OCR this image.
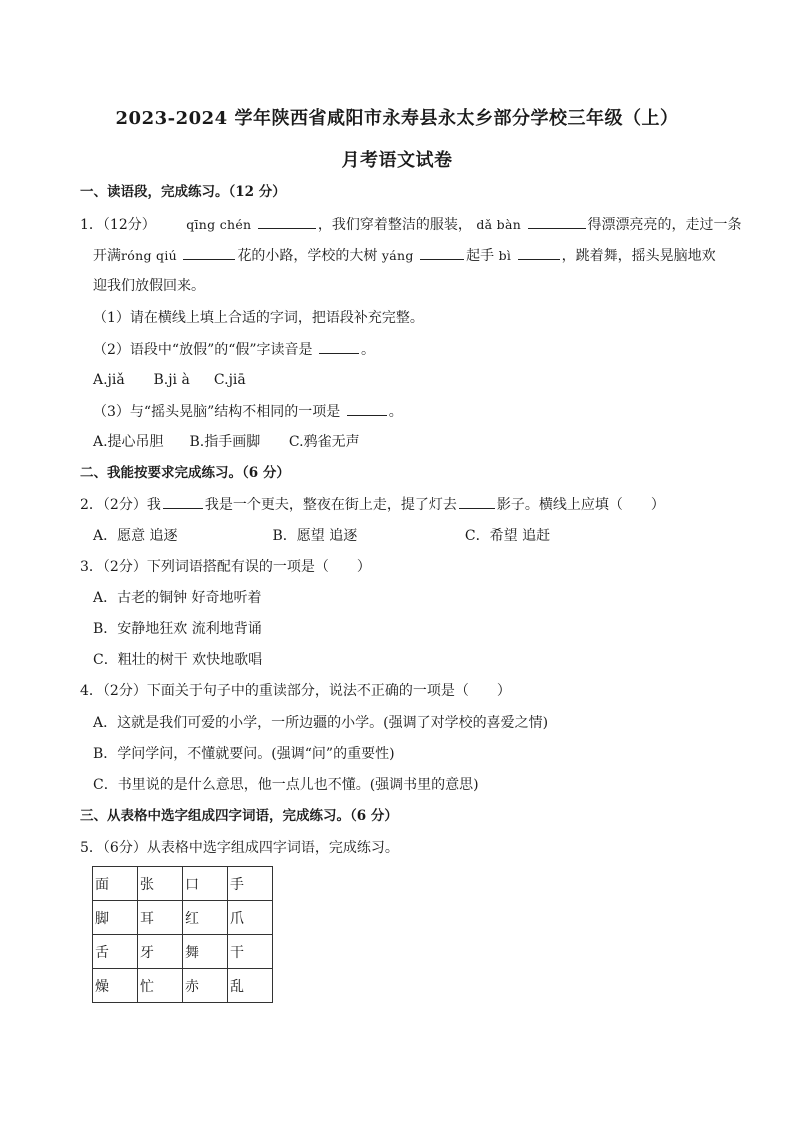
2023-2024 学年陕西省咸阳市永寿县永太乡部分学校三年级（上）
月考语文试卷
一、读语段，完成练习。（12 分）
1．（12分） qīng chén	，我们穿着整洁的服装， dǎ bàn	得漂漂亮亮的，走过一条
开满róng qiú	花的小路，学校的大树 yáng	起手 bì	，跳着舞，摇头晃脑地欢
迎我们放假回来。
（1）请在横线上填上合适的字词，把语段补充完整。
（2）语段中“放假”的“假”字读音是	。
A.jiǎ B.ji à C.jiā
（3）与“摇头晃脑”结构不相同的一项是	。
A.提心吊胆 B.指手画脚 C.鸦雀无声
二、我能按要求完成练习。（6 分）
2．（2分）我	我是一个更夫，整夜在街上走，提了灯去	影子。横线上应填（　　）
A．愿意 追逐	B．愿望 追逐	C．希望 追赶
3．（2分）下列词语搭配有误的一项是（　　）
A．古老的铜钟 好奇地听着
B．安静地狂欢 流利地背诵
C．粗壮的树干 欢快地歌唱
4．（2分）下面关于句子中的重读部分，说法不正确的一项是（　　）
A．这就是我们可爱的小学，一所边疆的小学。(强调了对学校的喜爱之情)
B．学问学问，不懂就要问。(强调“问”的重要性)
C．书里说的是什么意思，他一点儿也不懂。(强调书里的意思)
三、从表格中选字组成四字词语，完成练习。（6 分）
5．（6分）从表格中选字组成四字词语，完成练习。
面	张	口	手
脚	耳	红	爪
舌	牙	舞	干
燥	忙	赤	乱
